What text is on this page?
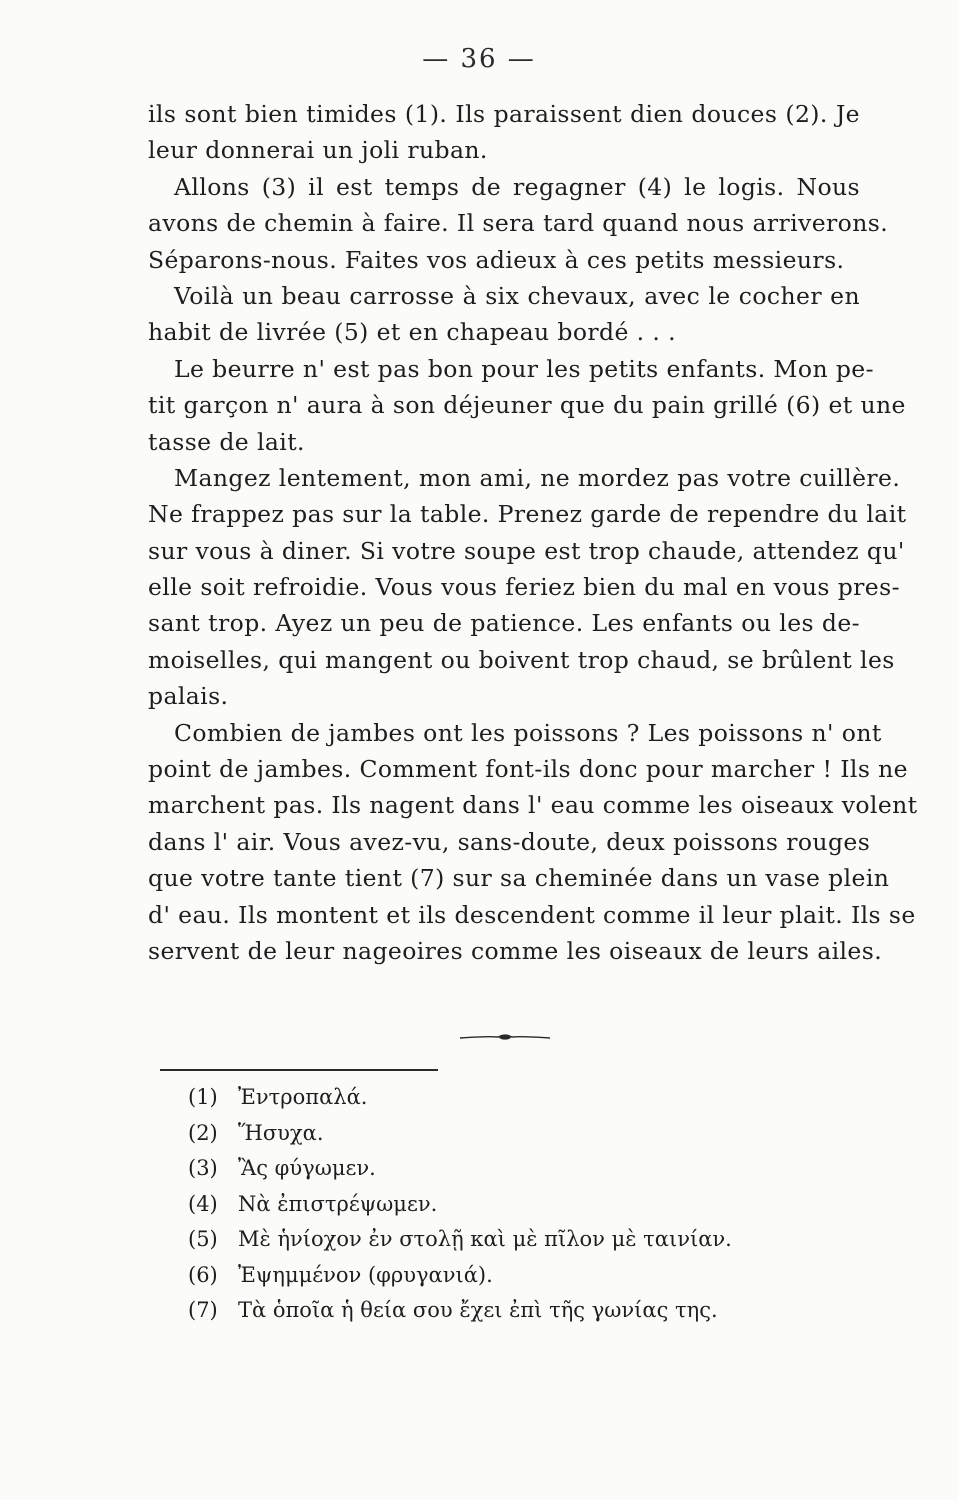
— 36 —
ils sont bien timides (1). Ils paraissent dien douces (2). Je
leur donnerai un joli ruban.
Allons (3) il est temps de regagner (4) le logis. Nous
avons de chemin à faire. Il sera tard quand nous arriverons.
Séparons-nous. Faites vos adieux à ces petits messieurs.
Voilà un beau carrosse à six chevaux, avec le cocher en
habit de livrée (5) et en chapeau bordé . . .
Le beurre n' est pas bon pour les petits enfants. Mon pe-
tit garçon n' aura à son déjeuner que du pain grillé (6) et une
tasse de lait.
Mangez lentement, mon ami, ne mordez pas votre cuillère.
Ne frappez pas sur la table. Prenez garde de rependre du lait
sur vous à diner. Si votre soupe est trop chaude, attendez qu'
elle soit refroidie. Vous vous feriez bien du mal en vous pres-
sant trop. Ayez un peu de patience. Les enfants ou les de-
moiselles, qui mangent ou boivent trop chaud, se brûlent les
palais.
Combien de jambes ont les poissons ? Les poissons n' ont
point de jambes. Comment font-ils donc pour marcher ! Ils ne
marchent pas. Ils nagent dans l' eau comme les oiseaux volent
dans l' air. Vous avez-vu, sans-doute, deux poissons rouges
que votre tante tient (7) sur sa cheminée dans un vase plein
d' eau. Ils montent et ils descendent comme il leur plait. Ils se
servent de leur nageoires comme les oiseaux de leurs ailes.
(1) Ἐντροπαλά.
(2) Ἥσυχα.
(3) Ἂς φύγωμεν.
(4) Νὰ ἐπιστρέψωμεν.
(5) Μὲ ἡνίοχον ἐν στολῇ καὶ μὲ πῖλον μὲ ταινίαν.
(6) Ἐψημμένον (φρυγανιά).
(7) Τὰ ὁποῖα ἡ θεία σου ἔχει ἐπὶ τῆς γωνίας της.
